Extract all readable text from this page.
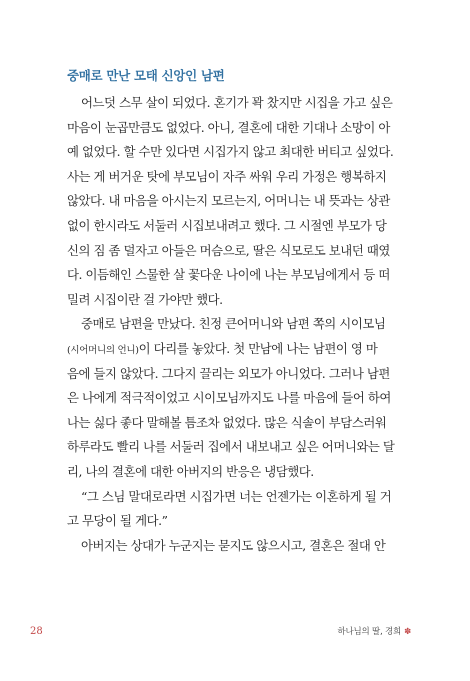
중매로 만난 모태 신앙인 남편
어느덧 스무 살이 되었다. 혼기가 꽉 찼지만 시집을 가고 싶은
마음이 눈곱만큼도 없었다. 아니, 결혼에 대한 기대나 소망이 아
예 없었다. 할 수만 있다면 시집가지 않고 최대한 버티고 싶었다.
사는 게 버거운 탓에 부모님이 자주 싸워 우리 가정은 행복하지
않았다. 내 마음을 아시는지 모르는지, 어머니는 내 뜻과는 상관
없이 한시라도 서둘러 시집보내려고 했다. 그 시절엔 부모가 당
신의 짐 좀 덜자고 아들은 머슴으로, 딸은 식모로도 보내던 때였
다. 이듬해인 스물한 살 꽃다운 나이에 나는 부모님에게서 등 떠
밀려 시집이란 걸 가야만 했다.
중매로 남편을 만났다. 친정 큰어머니와 남편 쪽의 시이모님
(시어머니의 언니)이 다리를 놓았다. 첫 만남에 나는 남편이 영 마
음에 들지 않았다. 그다지 끌리는 외모가 아니었다. 그러나 남편
은 나에게 적극적이었고 시이모님까지도 나를 마음에 들어 하여
나는 싫다 좋다 말해볼 틈조차 없었다. 많은 식솔이 부담스러워
하루라도 빨리 나를 서둘러 집에서 내보내고 싶은 어머니와는 달
리, 나의 결혼에 대한 아버지의 반응은 냉담했다.
“그 스님 말대로라면 시집가면 너는 언젠가는 이혼하게 될 거
고 무당이 될 게다.”
아버지는 상대가 누군지는 묻지도 않으시고, 결혼은 절대 안
28	하나님의 딸, 경희 ✽
